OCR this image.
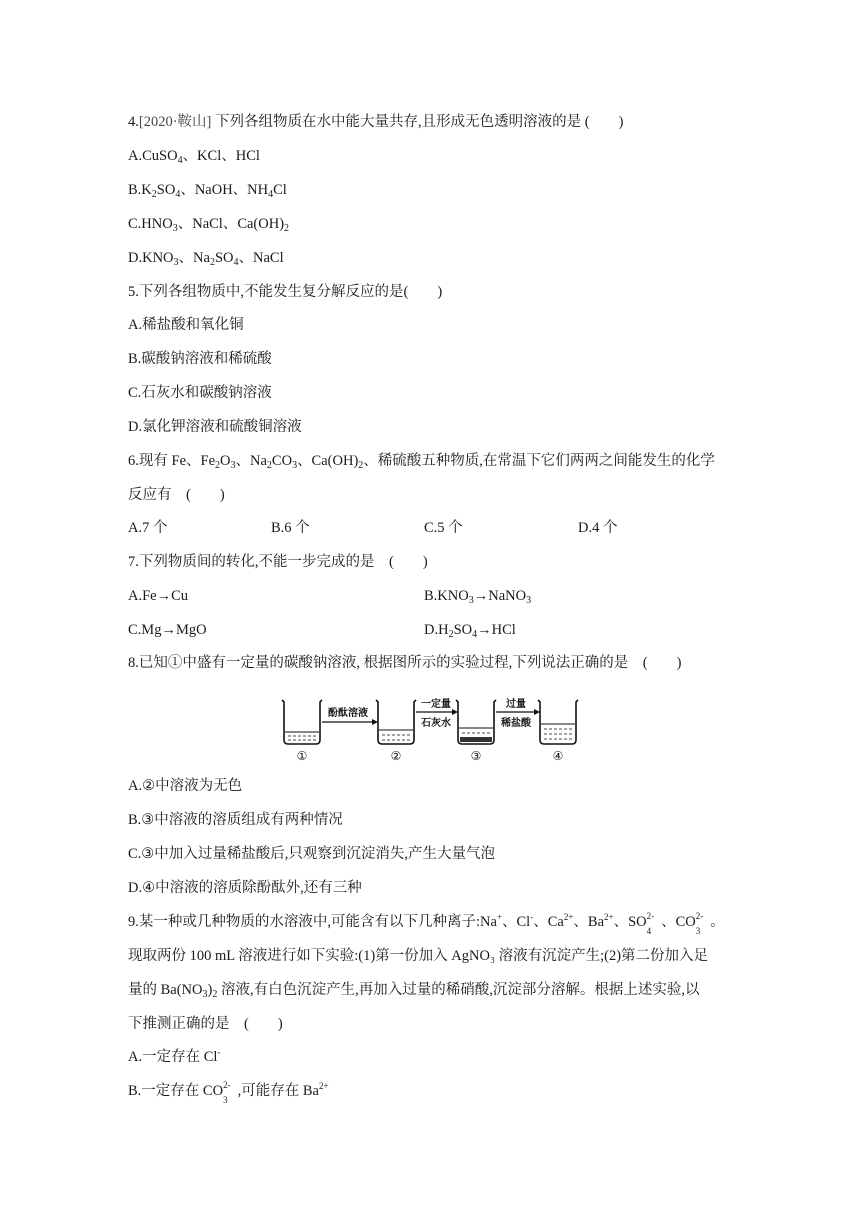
4.[2020·鞍山] 下列各组物质在水中能大量共存,且形成无色透明溶液的是 (　　)
A.CuSO$_4$、KCl、HCl
$B.K_2SO_4$、NaOH、$NH_4Cl$
$C.HNO_3$、NaCl、$Ca(OH)_2$
$D.KNO_3$、$Na_2SO_4$、NaCl
5.下列各组物质中,不能发生复分解反应的是(　　)
A.稀盐酸和氧化铜
B.碳酸钠溶液和稀硫酸
C.石灰水和碳酸钠溶液
D.氯化钾溶液和硫酸铜溶液
6.现有 Fe、$Fe_2O_3$、$Na_2CO_3$、$Ca(OH)_2$、稀硫酸五种物质,在常温下它们两两之间能发生的化学
反应有　(　　)
A.7 个	B.6 个	C.5 个	D.4 个
7.下列物质间的转化,不能一步完成的是　(　　)
A.Fe→Cu	$B.KNO_3\to NaNO_3$
C.Mg→MgO	$D.H_2SO_4\to HCl$
8.已知①中盛有一定量的碳酸钠溶液, 根据图所示的实验过程,下列说法正确的是　(　　)
①
酚酞溶液
②
一定量
石灰水
③
过量
稀盐酸
④
A.②中溶液为无色
B.③中溶液的溶质组成有两种情况
C.③中加入过量稀盐酸后,只观察到沉淀消失,产生大量气泡
D.④中溶液的溶质除酚酞外,还有三种
9.某一种或几种物质的水溶液中,可能含有以下几种离子:Na+、Cl-、$Ca^{2+}$、$Ba^{2+}$、SO 2-
4
、CO 2-
3
。
现取两份 100 mL 溶液进行如下实验:(1)第一份加入 AgNO₃ 溶液有沉淀产生;(2)第二份加入足
量的 $Ba(NO_3)_2$ 溶液,有白色沉淀产生,再加入过量的稀硝酸,沉淀部分溶解。根据上述实验,以
下推测正确的是　(　　)
A.一定存在 Cl-
B.一定存在 CO 2-
3
,可能存在 $Ba^{2+}$
